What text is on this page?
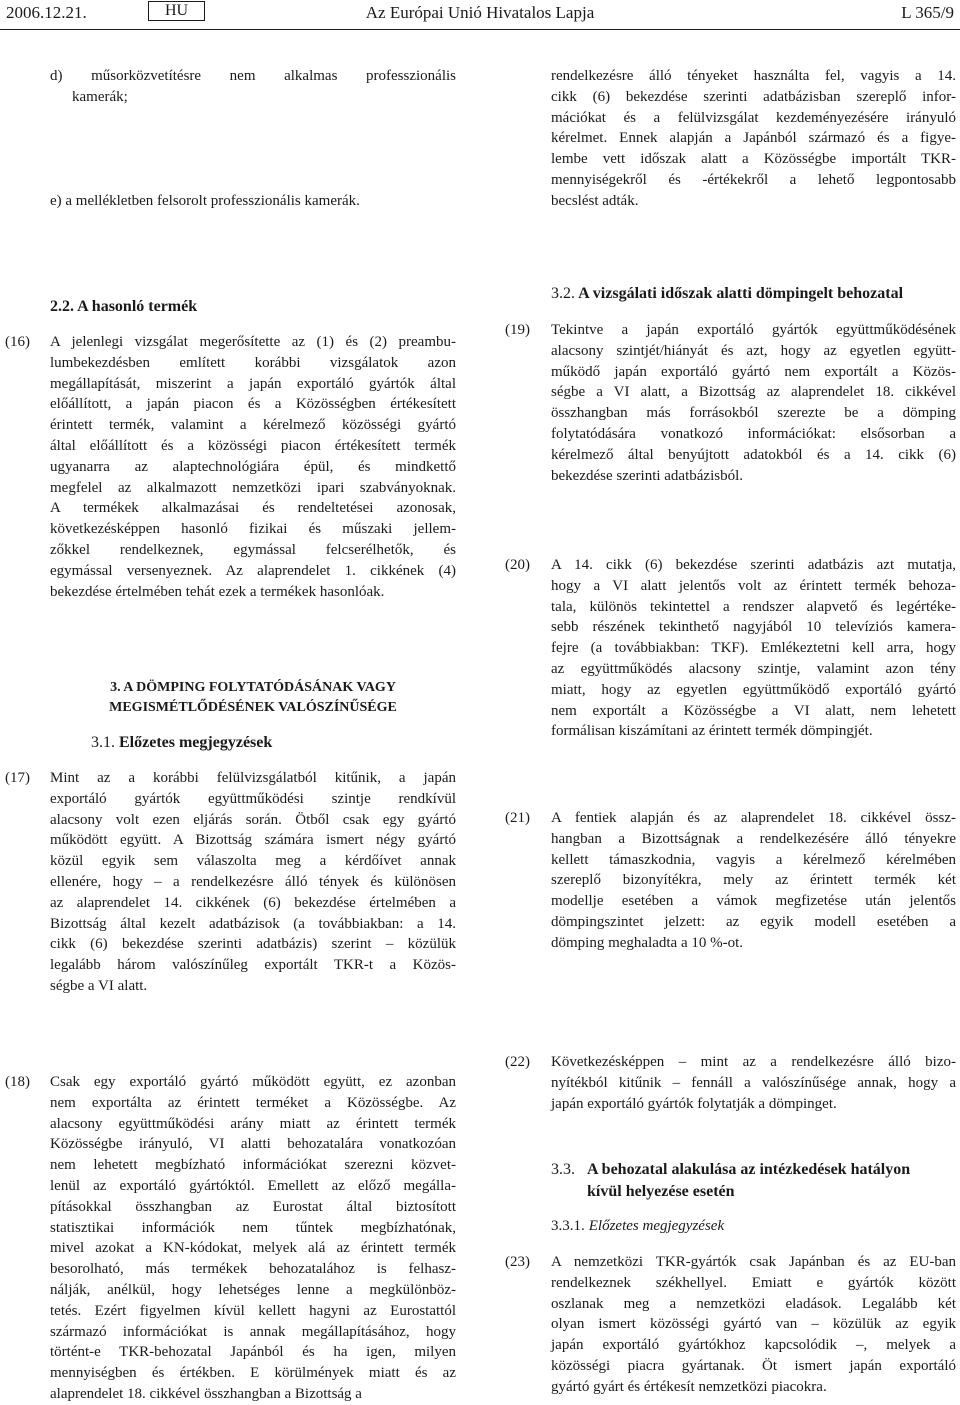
2006.12.21.	HU	Az Európai Unió Hivatalos Lapja	L 365/9
d) műsorközvetítésre nem alkalmas professzionális
kamerák;
e) a mellékletben felsorolt professzionális kamerák.
2.2. A hasonló termék
(16) A jelenlegi vizsgálat megerősítette az (1) és (2) preambu-
lumbekezdésben említett korábbi vizsgálatok azon
megállapítását, miszerint a japán exportáló gyártók által
előállított, a japán piacon és a Közösségben értékesített
érintett termék, valamint a kérelmező közösségi gyártó
által előállított és a közösségi piacon értékesített termék
ugyanarra az alaptechnológiára épül, és mindkettő
megfelel az alkalmazott nemzetközi ipari szabványoknak.
A termékek alkalmazásai és rendeltetései azonosak,
következésképpen hasonló fizikai és műszaki jellem-
zőkkel rendelkeznek, egymással felcserélhetők, és
egymással versenyeznek. Az alaprendelet 1. cikkének (4)
bekezdése értelmében tehát ezek a termékek hasonlóak.
3. A DÖMPING FOLYTATÓDÁSÁNAK VAGY
MEGISMÉTLŐDÉSÉNEK VALÓSZÍNŰSÉGE
3.1. Előzetes megjegyzések
(17) Mint az a korábbi felülvizsgálatból kitűnik, a japán
exportáló gyártók együttműködési szintje rendkívül
alacsony volt ezen eljárás során. Ötből csak egy gyártó
működött együtt. A Bizottság számára ismert négy gyártó
közül egyik sem válaszolta meg a kérdőívet annak
ellenére, hogy – a rendelkezésre álló tények és különösen
az alaprendelet 14. cikkének (6) bekezdése értelmében a
Bizottság által kezelt adatbázisok (a továbbiakban: a 14.
cikk (6) bekezdése szerinti adatbázis) szerint – közülük
legalább három valószínűleg exportált TKR-t a Közös-
ségbe a VI alatt.
(18) Csak egy exportáló gyártó működött együtt, ez azonban
nem exportálta az érintett terméket a Közösségbe. Az
alacsony együttműködési arány miatt az érintett termék
Közösségbe irányuló, VI alatti behozatalára vonatkozóan
nem lehetett megbízható információkat szerezni közvet-
lenül az exportáló gyártóktól. Emellett az előző megálla-
pításokkal összhangban az Eurostat által biztosított
statisztikai információk nem tűntek megbízhatónak,
mivel azokat a KN-kódokat, melyek alá az érintett termék
besorolható, más termékek behozatalához is felhasz-
nálják, anélkül, hogy lehetséges lenne a megkülönböz-
tetés. Ezért figyelmen kívül kellett hagyni az Eurostattól
származó információkat is annak megállapításához, hogy
történt-e TKR-behozatal Japánból és ha igen, milyen
mennyiségben és értékben. E körülmények miatt és az
alaprendelet 18. cikkével összhangban a Bizottság a
rendelkezésre álló tényeket használta fel, vagyis a 14.
cikk (6) bekezdése szerinti adatbázisban szereplő infor-
mációkat és a felülvizsgálat kezdeményezésére irányuló
kérelmet. Ennek alapján a Japánból származó és a figye-
lembe vett időszak alatt a Közösségbe importált TKR-
mennyiségekről és -értékekről a lehető legpontosabb
becslést adták.
3.2. A vizsgálati időszak alatti dömpingelt behozatal
(19) Tekintve a japán exportáló gyártók együttműködésének
alacsony szintjét/hiányát és azt, hogy az egyetlen együtt-
működő japán exportáló gyártó nem exportált a Közös-
ségbe a VI alatt, a Bizottság az alaprendelet 18. cikkével
összhangban más forrásokból szerezte be a dömping
folytatódására vonatkozó információkat: elsősorban a
kérelmező által benyújtott adatokból és a 14. cikk (6)
bekezdése szerinti adatbázisból.
(20) A 14. cikk (6) bekezdése szerinti adatbázis azt mutatja,
hogy a VI alatt jelentős volt az érintett termék behoza-
tala, különös tekintettel a rendszer alapvető és legértéke-
sebb részének tekinthető nagyjából 10 televíziós kamera-
fejre (a továbbiakban: TKF). Emlékeztetni kell arra, hogy
az együttműködés alacsony szintje, valamint azon tény
miatt, hogy az egyetlen együttműködő exportáló gyártó
nem exportált a Közösségbe a VI alatt, nem lehetett
formálisan kiszámítani az érintett termék dömpingjét.
(21) A fentiek alapján és az alaprendelet 18. cikkével össz-
hangban a Bizottságnak a rendelkezésére álló tényekre
kellett támaszkodnia, vagyis a kérelmező kérelmében
szereplő bizonyítékra, mely az érintett termék két
modellje esetében a vámok megfizetése után jelentős
dömpingszintet jelzett: az egyik modell esetében a
dömping meghaladta a 10 %-ot.
(22) Következésképpen – mint az a rendelkezésre álló bizo-
nyítékból kitűnik – fennáll a valószínűsége annak, hogy a
japán exportáló gyártók folytatják a dömpinget.
3.3. A behozatal alakulása az intézkedések hatályon
kívül helyezése esetén
3.3.1. Előzetes megjegyzések
(23) A nemzetközi TKR-gyártók csak Japánban és az EU-ban
rendelkeznek székhellyel. Emiatt e gyártók között
oszlanak meg a nemzetközi eladások. Legalább két
olyan ismert közösségi gyártó van – közülük az egyik
japán exportáló gyártókhoz kapcsolódik –, melyek a
közösségi piacra gyártanak. Öt ismert japán exportáló
gyártó gyárt és értékesít nemzetközi piacokra.
